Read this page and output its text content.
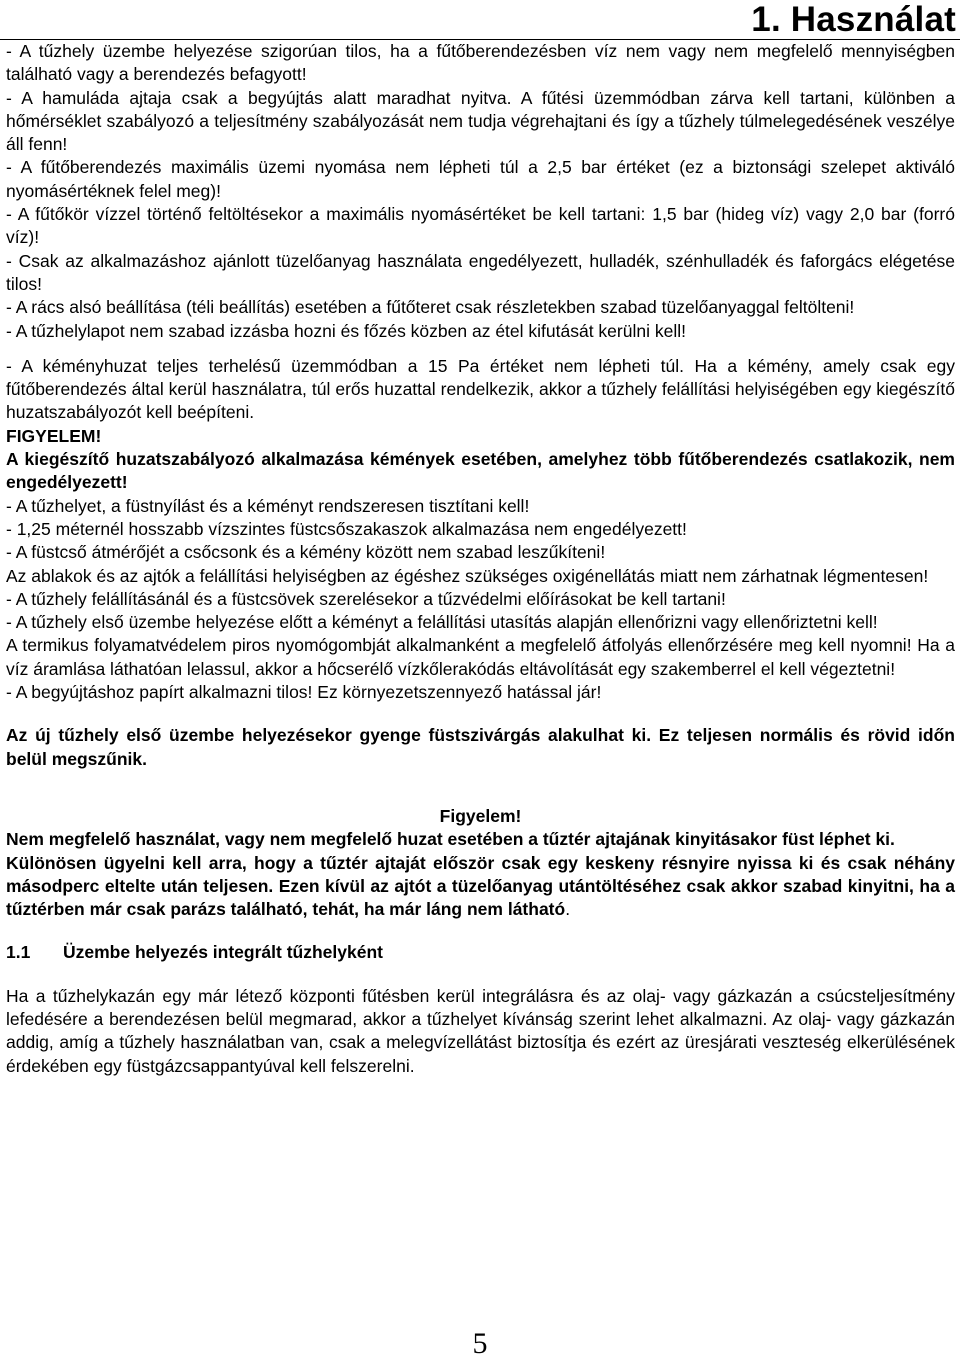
1. Használat

- A tűzhely üzembe helyezése szigorúan tilos, ha a fűtőberendezésben víz nem vagy nem megfelelő mennyiségben található vagy a berendezés befagyott!

- A hamuláda ajtaja csak a begyújtás alatt maradhat nyitva. A fűtési üzemmódban zárva kell tartani, különben a hőmérséklet szabályozó a teljesítmény szabályozását nem tudja végrehajtani és így a tűzhely túlmelegedésének veszélye áll fenn!

- A fűtőberendezés maximális üzemi nyomása nem lépheti túl a 2,5 bar értéket (ez a biztonsági szelepet aktiváló nyomásértéknek felel meg)!

- A fűtőkör vízzel történő feltöltésekor a maximális nyomásértéket be kell tartani: 1,5 bar (hideg víz) vagy 2,0 bar (forró víz)!

- Csak az alkalmazáshoz ajánlott tüzelőanyag használata engedélyezett, hulladék, szénhulladék és faforgács elégetése tilos!

- A rács alsó beállítása (téli beállítás) esetében a fűtőteret csak részletekben szabad tüzelőanyaggal feltölteni!

- A tűzhelylapot nem szabad izzásba hozni és főzés közben az étel kifutását kerülni kell!

- A kéményhuzat teljes terhelésű üzemmódban a 15 Pa értéket nem lépheti túl. Ha a kémény, amely csak egy fűtőberendezés által kerül használatra, túl erős huzattal rendelkezik, akkor a tűzhely felállítási helyiségében egy kiegészítő huzatszabályozót kell beépíteni.

FIGYELEM!

A kiegészítő huzatszabályozó alkalmazása kémények esetében, amelyhez több fűtőberendezés csatlakozik, nem engedélyezett!

- A tűzhelyet, a füstnyílást és a kéményt rendszeresen tisztítani kell!

- 1,25 méternél hosszabb vízszintes füstcsőszakaszok alkalmazása nem engedélyezett!

- A füstcső átmérőjét a csőcsonk és a kémény között nem szabad leszűkíteni!

Az ablakok és az ajtók a felállítási helyiségben az égéshez szükséges oxigénellátás miatt nem zárhatnak légmentesen!

- A tűzhely felállításánál és a füstcsövek szerelésekor a tűzvédelmi előírásokat be kell tartani!

- A tűzhely első üzembe helyezése előtt a kéményt a felállítási utasítás alapján ellenőrizni vagy ellenőriztetni kell!

A termikus folyamatvédelem piros nyomógombját alkalmanként a megfelelő átfolyás ellenőrzésére meg kell nyomni! Ha a víz áramlása láthatóan lelassul, akkor a hőcserélő vízkőlerakódás eltávolítását egy szakemberrel el kell végeztetni!

- A begyújtáshoz papírt alkalmazni tilos! Ez környezetszennyező hatással jár!

Az új tűzhely első üzembe helyezésekor gyenge füstszivárgás alakulhat ki. Ez teljesen normális és rövid időn belül megszűnik.

Figyelem!

Nem megfelelő használat, vagy nem megfelelő huzat esetében a tűztér ajtajának kinyitásakor füst léphet ki.

Különösen ügyelni kell arra, hogy a tűztér ajtaját először csak egy keskeny résnyire nyissa ki és csak néhány másodperc eltelte után teljesen. Ezen kívül az ajtót a tüzelőanyag utántöltéséhez csak akkor szabad kinyitni, ha a tűztérben már csak parázs található, tehát, ha már láng nem látható.

1.1	Üzembe helyezés integrált tűzhelyként

Ha a tűzhelykazán egy már létező központi fűtésben kerül integrálásra és az olaj- vagy gázkazán a csúcsteljesítmény lefedésére a berendezésen belül megmarad, akkor a tűzhelyet kívánság szerint lehet alkalmazni. Az olaj- vagy gázkazán addig, amíg a tűzhely használatban van, csak a melegvízellátást biztosítja és ezért az üresjárati veszteség elkerülésének érdekében egy füstgázcsappantyúval kell felszerelni.

5
